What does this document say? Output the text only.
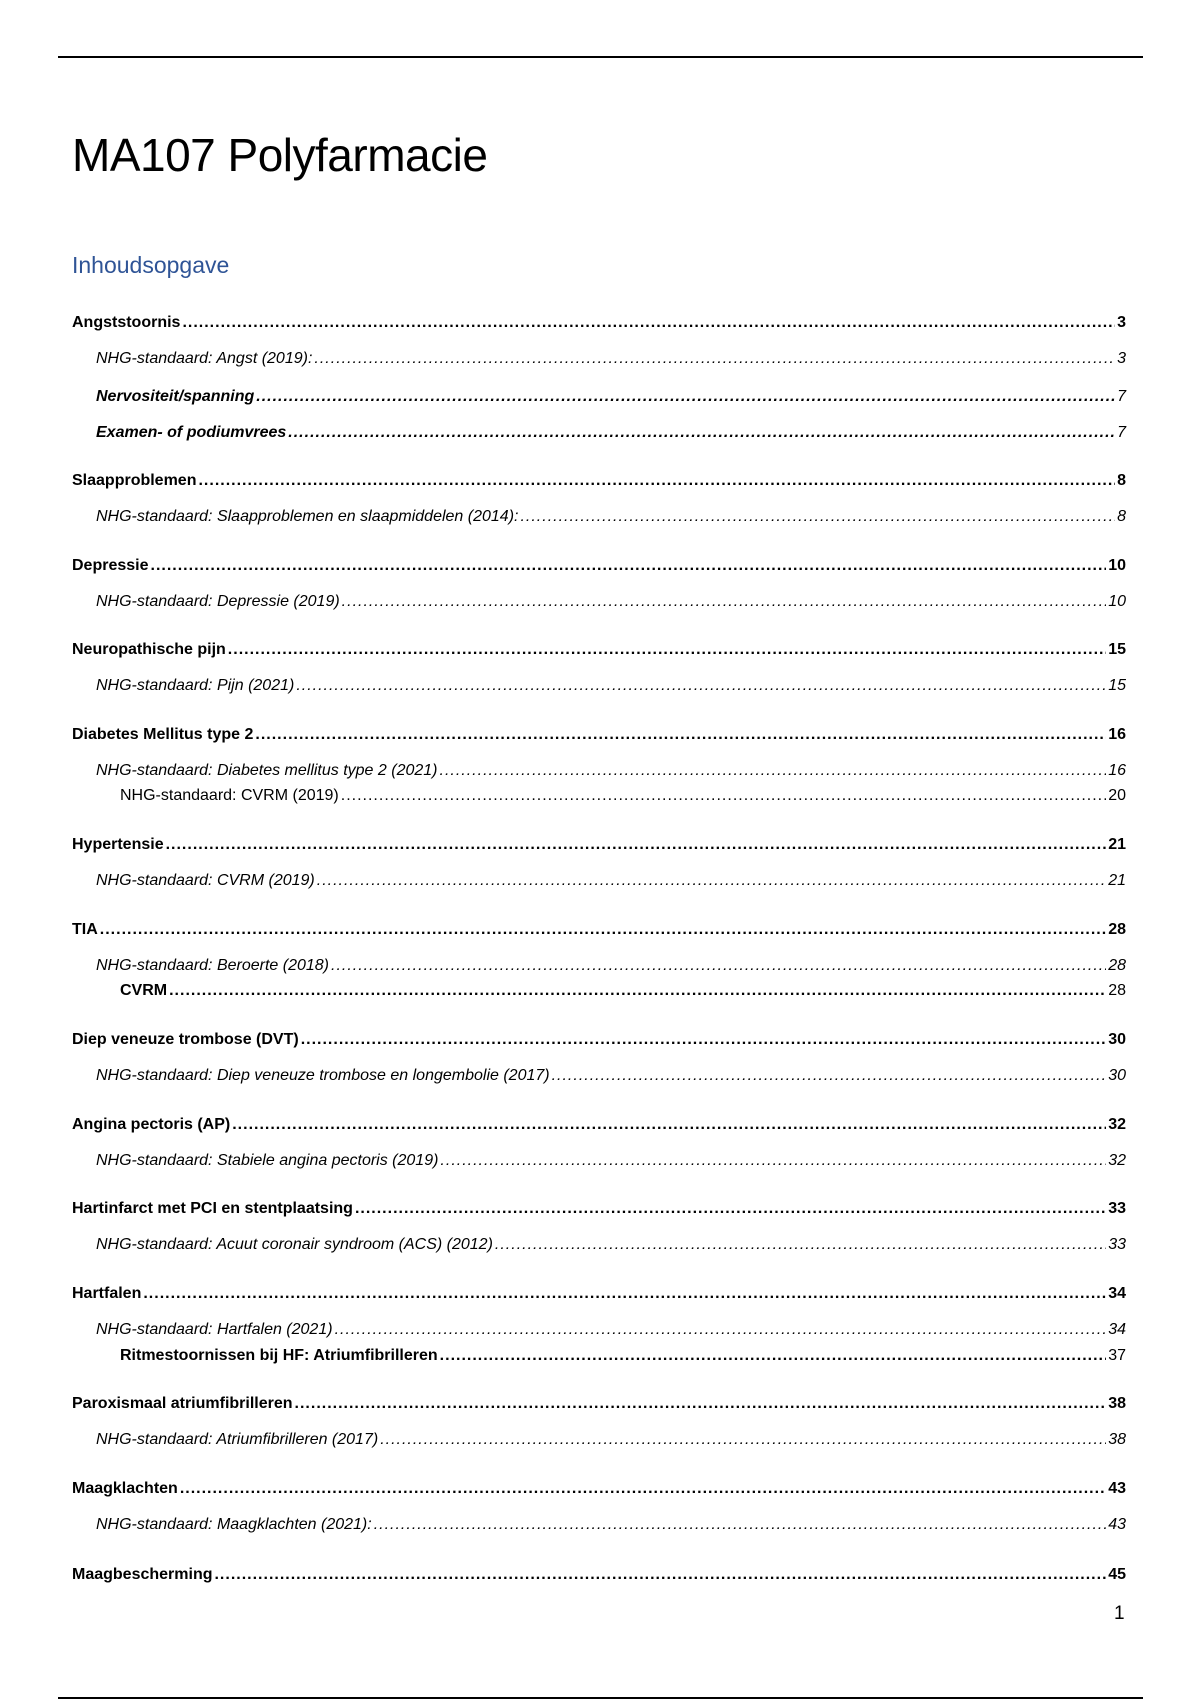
MA107 Polyfarmacie
Inhoudsopgave
Angststoornis .....	3
NHG-standaard: Angst (2019): .....	3
Nervositeit/spanning .....	7
Examen- of podiumvrees .....	7
Slaapproblemen .....	8
NHG-standaard: Slaapproblemen en slaapmiddelen (2014): .....	8
Depressie .....	10
NHG-standaard: Depressie (2019) .....	10
Neuropathische pijn .....	15
NHG-standaard: Pijn (2021) .....	15
Diabetes Mellitus type 2 .....	16
NHG-standaard: Diabetes mellitus type 2 (2021) .....	16
NHG-standaard: CVRM (2019) .....	20
Hypertensie .....	21
NHG-standaard: CVRM (2019) .....	21
TIA .....	28
NHG-standaard: Beroerte (2018) .....	28
CVRM .....	28
Diep veneuze trombose (DVT) .....	30
NHG-standaard: Diep veneuze trombose en longembolie (2017) .....	30
Angina pectoris (AP) .....	32
NHG-standaard: Stabiele angina pectoris (2019) .....	32
Hartinfarct met PCI en stentplaatsing .....	33
NHG-standaard: Acuut coronair syndroom (ACS) (2012) .....	33
Hartfalen .....	34
NHG-standaard: Hartfalen (2021) .....	34
Ritmestoornissen bij HF: Atriumfibrilleren .....	37
Paroxismaal atriumfibrilleren .....	38
NHG-standaard: Atriumfibrilleren (2017) .....	38
Maagklachten .....	43
NHG-standaard: Maagklachten (2021): .....	43
Maagbescherming .....	45
1
